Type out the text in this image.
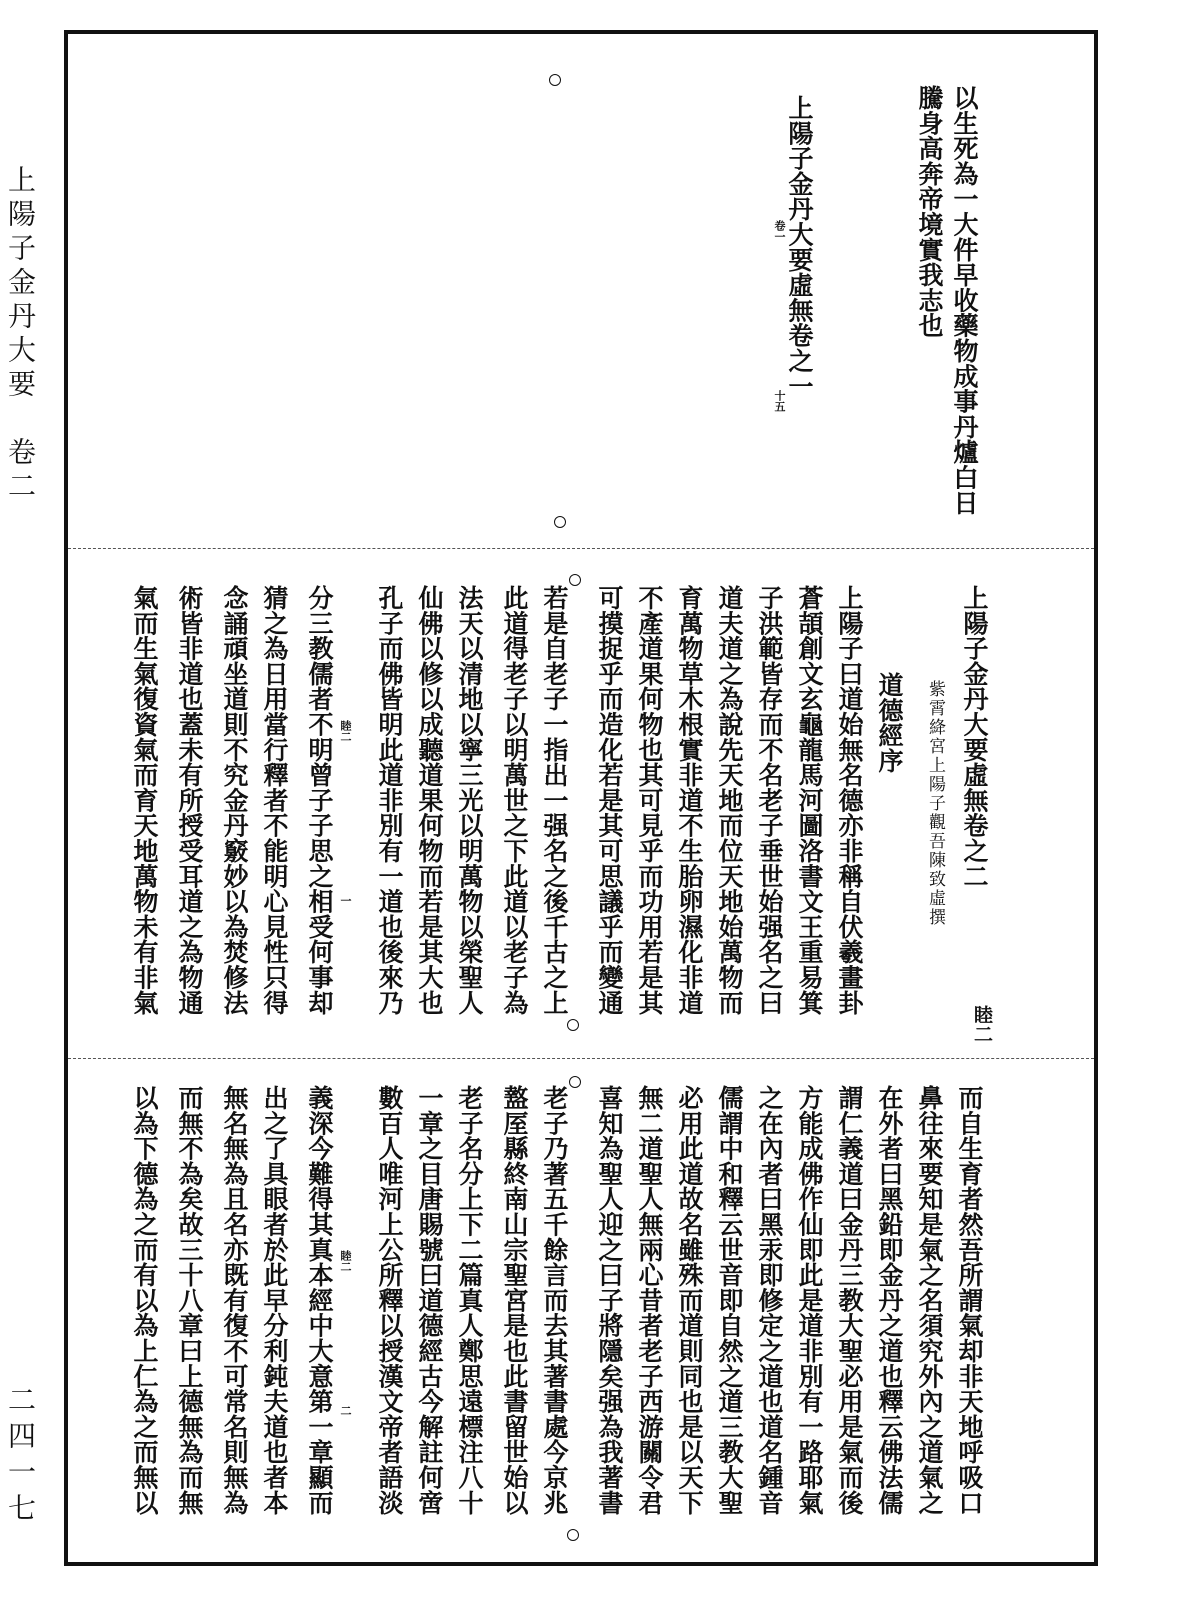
上陽子金丹大要　卷二
二四一七
以生死為一大件早收藥物成事丹爐白日
騰身高奔帝境實我志也
上陽子金丹大要虛無卷之一
卷一
十五
上陽子金丹大要虛無卷之二
睦二
紫霄絳宮上陽子觀吾陳致虛撰
道德經序
睦二
一
睦二
二
上陽子曰道始無名德亦非稱自伏羲畫卦
蒼頡創文玄龜龍馬河圖洛書文王重易箕
子洪範皆存而不名老子垂世始强名之曰
道夫道之為說先天地而位天地始萬物而
育萬物草木根實非道不生胎卵濕化非道
不產道果何物也其可見乎而功用若是其
可摸捉乎而造化若是其可思議乎而變通
若是自老子一指出一强名之後千古之上
此道得老子以明萬世之下此道以老子為
法天以清地以寧三光以明萬物以榮聖人
仙佛以修以成聽道果何物而若是其大也
孔子而佛皆明此道非別有一道也後來乃
分三教儒者不明曾子子思之相受何事却
猜之為日用當行釋者不能明心見性只得
念誦頑坐道則不究金丹竅妙以為焚修法
術皆非道也蓋未有所授受耳道之為物通
氣而生氣復資氣而育天地萬物未有非氣
而自生育者然吾所謂氣却非天地呼吸口
鼻往來要知是氣之名須究外內之道氣之
在外者曰黑鉛即金丹之道也釋云佛法儒
謂仁義道曰金丹三教大聖必用是氣而後
方能成佛作仙即此是道非別有一路耶氣
之在內者曰黑汞即修定之道也道名鍾音
儒謂中和釋云世音即自然之道三教大聖
必用此道故名雖殊而道則同也是以天下
無二道聖人無兩心昔者老子西游關令君
喜知為聖人迎之曰子將隱矣强為我著書
老子乃著五千餘言而去其著書處今京兆
盩厔縣終南山宗聖宮是也此書留世始以
老子名分上下二篇真人鄭思遠標注八十
一章之目唐賜號曰道德經古今解註何啻
數百人唯河上公所釋以授漢文帝者語淡
義深今難得其真本經中大意第一章顯而
出之了具眼者於此早分利鈍夫道也者本
無名無為且名亦既有復不可常名則無為
而無不為矣故三十八章曰上德無為而無
以為下德為之而有以為上仁為之而無以
